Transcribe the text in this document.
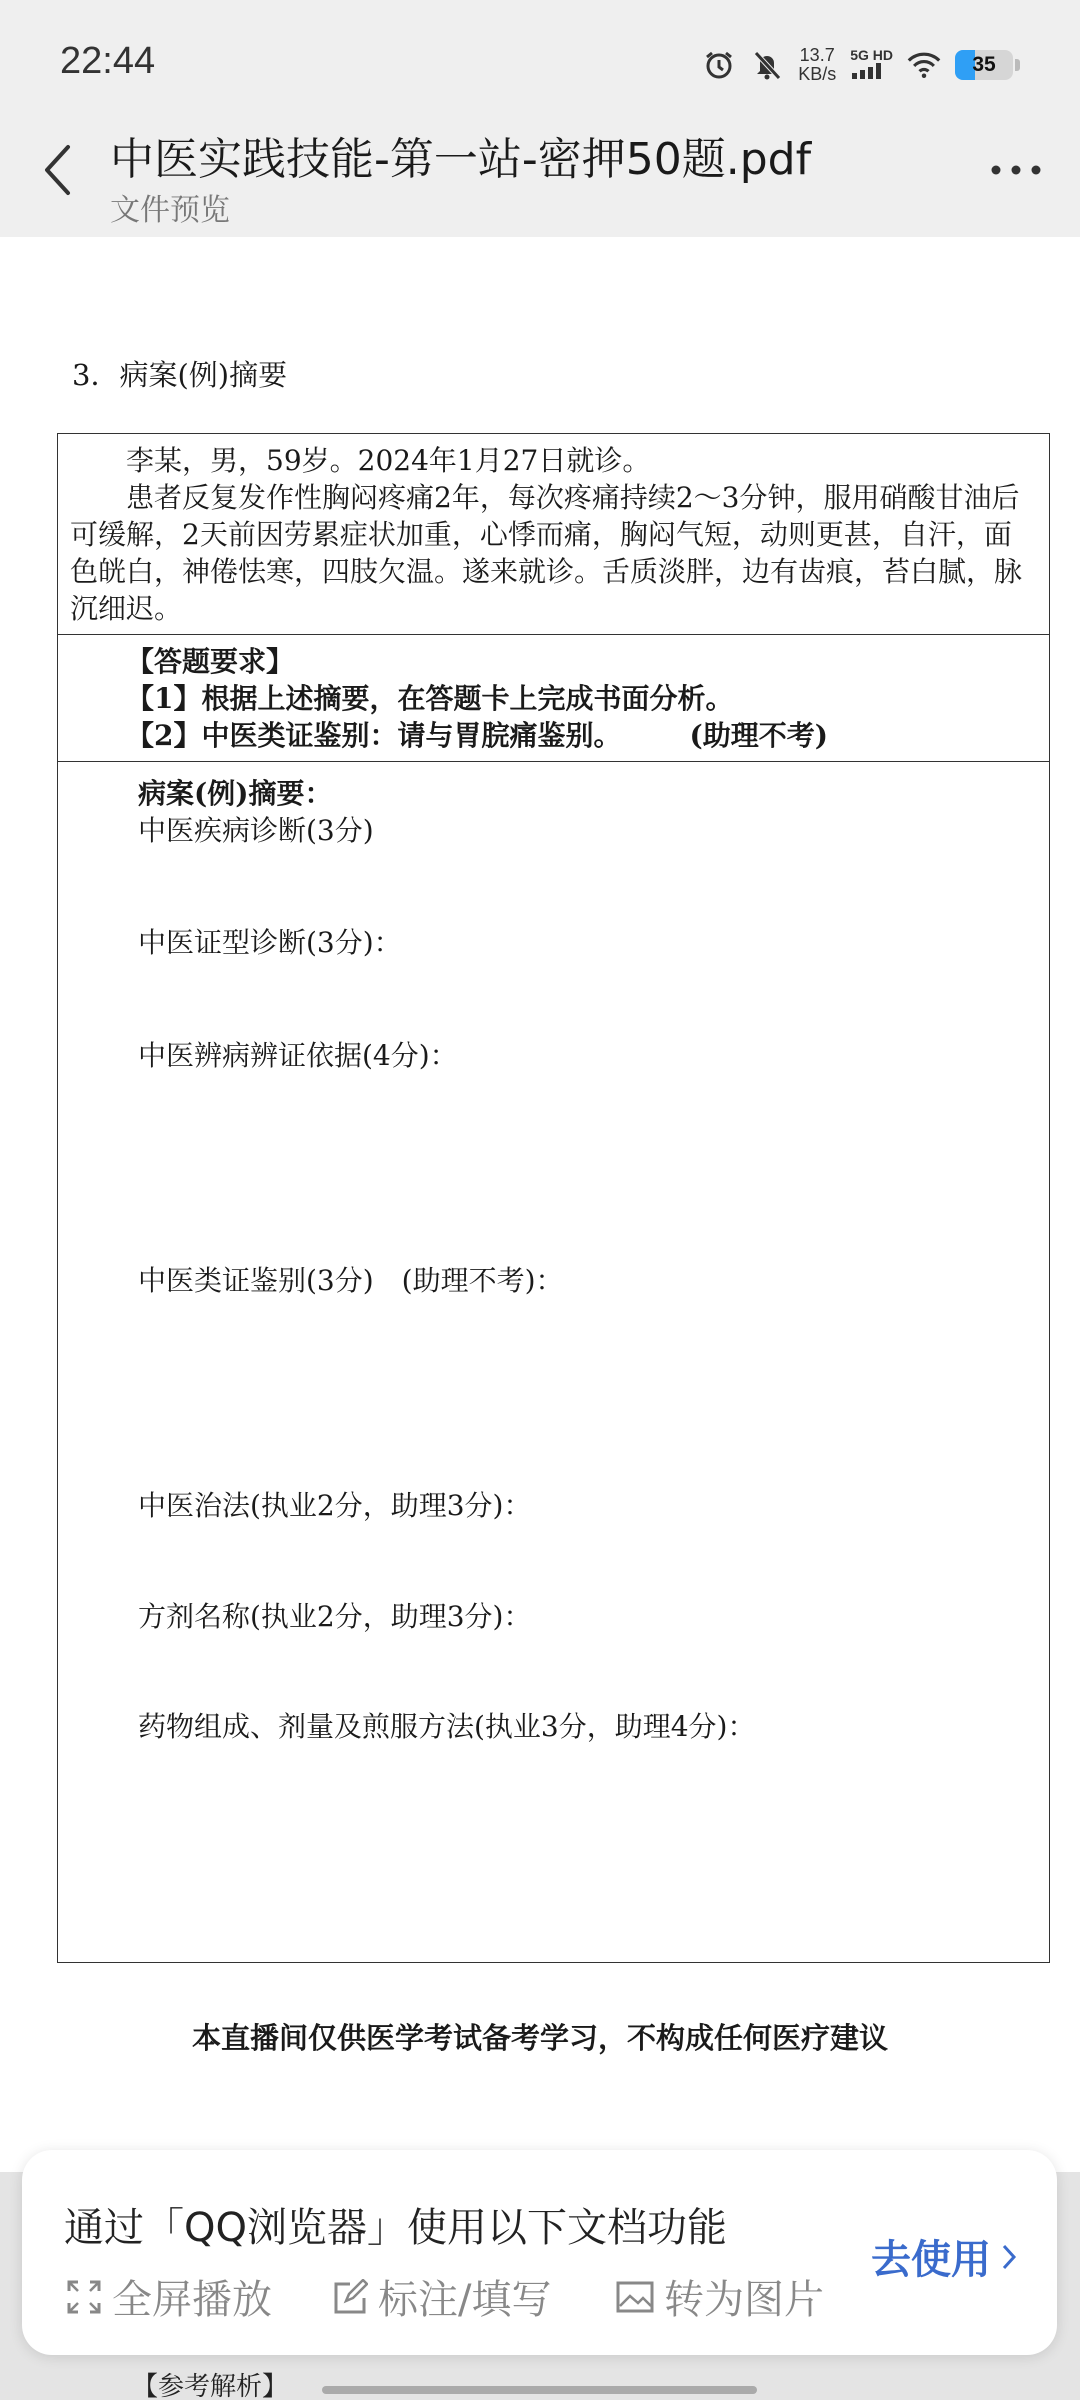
22:44	13.7
KB/s
5G HD	35
中医实践技能-第一站-密押50题.pdf
文件预览
3．病案(例)摘要

李某，男，59岁。2024年1月27日就诊。

患者反复发作性胸闷疼痛2年，每次疼痛持续2～3分钟，服用硝酸甘油后可缓解，2天前因劳累症状加重，心悸而痛，胸闷气短，动则更甚，自汗，面色㿠白，神倦怯寒，四肢欠温。遂来就诊。舌质淡胖，边有齿痕，苔白腻，脉沉细迟。

【答题要求】

【1】根据上述摘要，在答题卡上完成书面分析。

【2】中医类证鉴别：请与胃脘痛鉴别。 (助理不考)

病案(例)摘要：
中医疾病诊断(3分)
中医证型诊断(3分)：
中医辨病辨证依据(4分)：
中医类证鉴别(3分)　(助理不考)：
中医治法(执业2分，助理3分)：
方剂名称(执业2分，助理3分)：
药物组成、剂量及煎服方法(执业3分，助理4分)：
本直播间仅供医学考试备考学习，不构成任何医疗建议
【参考解析】
通过「QQ浏览器」使用以下文档功能
全屏播放	标注/填写	转为图片
去使用
